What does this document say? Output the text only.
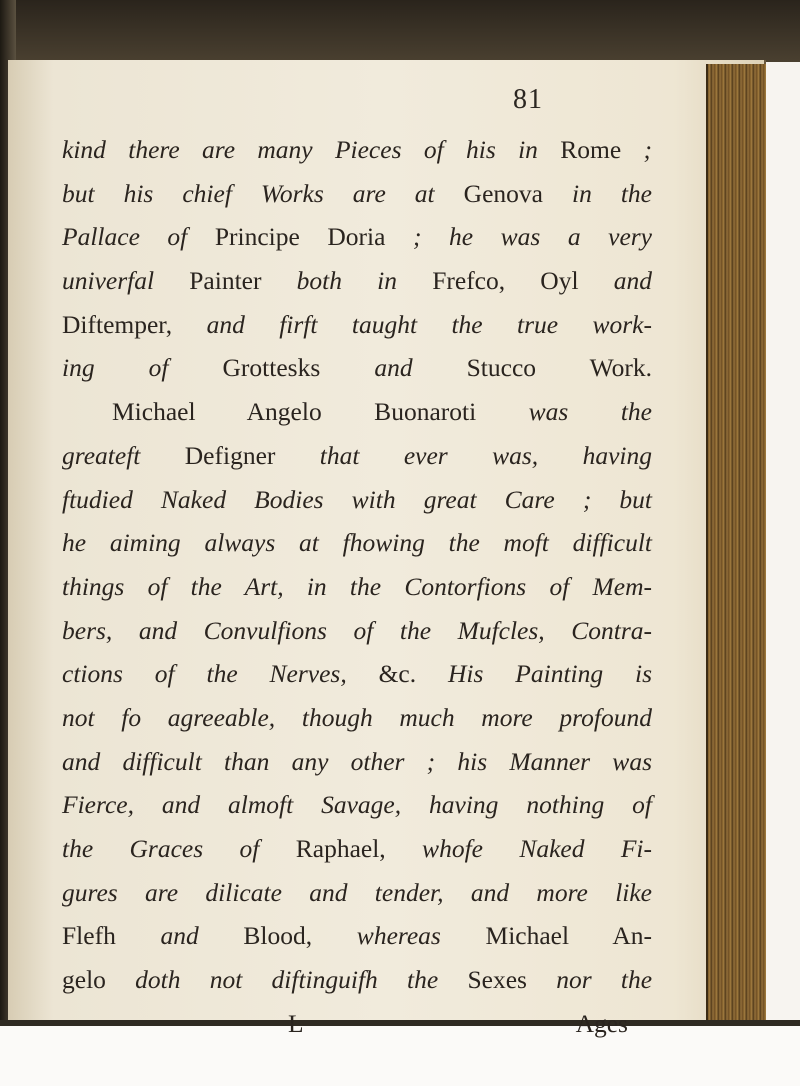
81
kind there are many Pieces of his in Rome ;
but his chief Works are at Genova in the
Pallace of Principe Doria ; he was a very
univerfal Painter both in Frefco, Oyl and
Diftemper, and firft taught the true work-
ing of Grottesks and Stucco Work.
Michael Angelo Buonaroti was the
greateft Defigner that ever was, having
ftudied Naked Bodies with great Care ; but
he aiming always at fhowing the moft difficult
things of the Art, in the Contorfions of Mem-
bers, and Convulfions of the Mufcles, Contra-
ctions of the Nerves, &c. His Painting is
not fo agreeable, though much more profound
and difficult than any other ; his Manner was
Fierce, and almoft Savage, having nothing of
the Graces of Raphael, whofe Naked Fi-
gures are dilicate and tender, and more like
Flefh and Blood, whereas Michael An-
gelo doth not diftinguifh the Sexes nor the
L	Ages
